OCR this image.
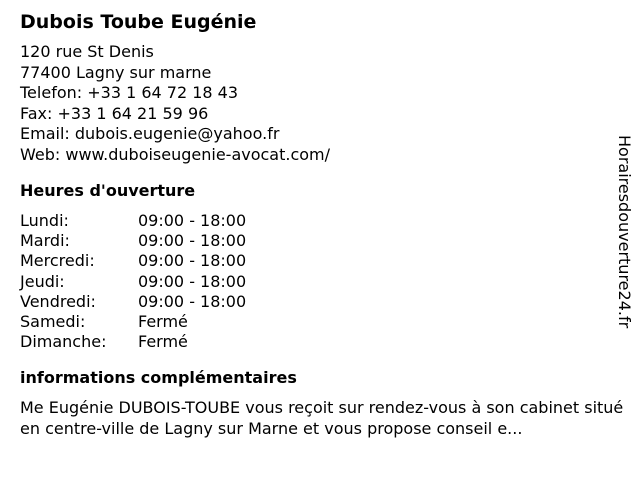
Dubois Toube Eugénie
120 rue St Denis
77400 Lagny sur marne
Telefon: +33 1 64 72 18 43
Fax: +33 1 64 21 59 96
Email: dubois.eugenie@yahoo.fr
Web: www.duboiseugenie-avocat.com/
Heures d'ouverture
Lundi:	09:00 - 18:00
Mardi:	09:00 - 18:00
Mercredi:	09:00 - 18:00
Jeudi:	09:00 - 18:00
Vendredi:	09:00 - 18:00
Samedi:	Fermé
Dimanche:	Fermé
informations complémentaires

Me Eugénie DUBOIS-TOUBE vous reçoit sur rendez-vous à son cabinet situé en centre-ville de Lagny sur Marne et vous propose conseil e...

Horairesdouverture24.fr
